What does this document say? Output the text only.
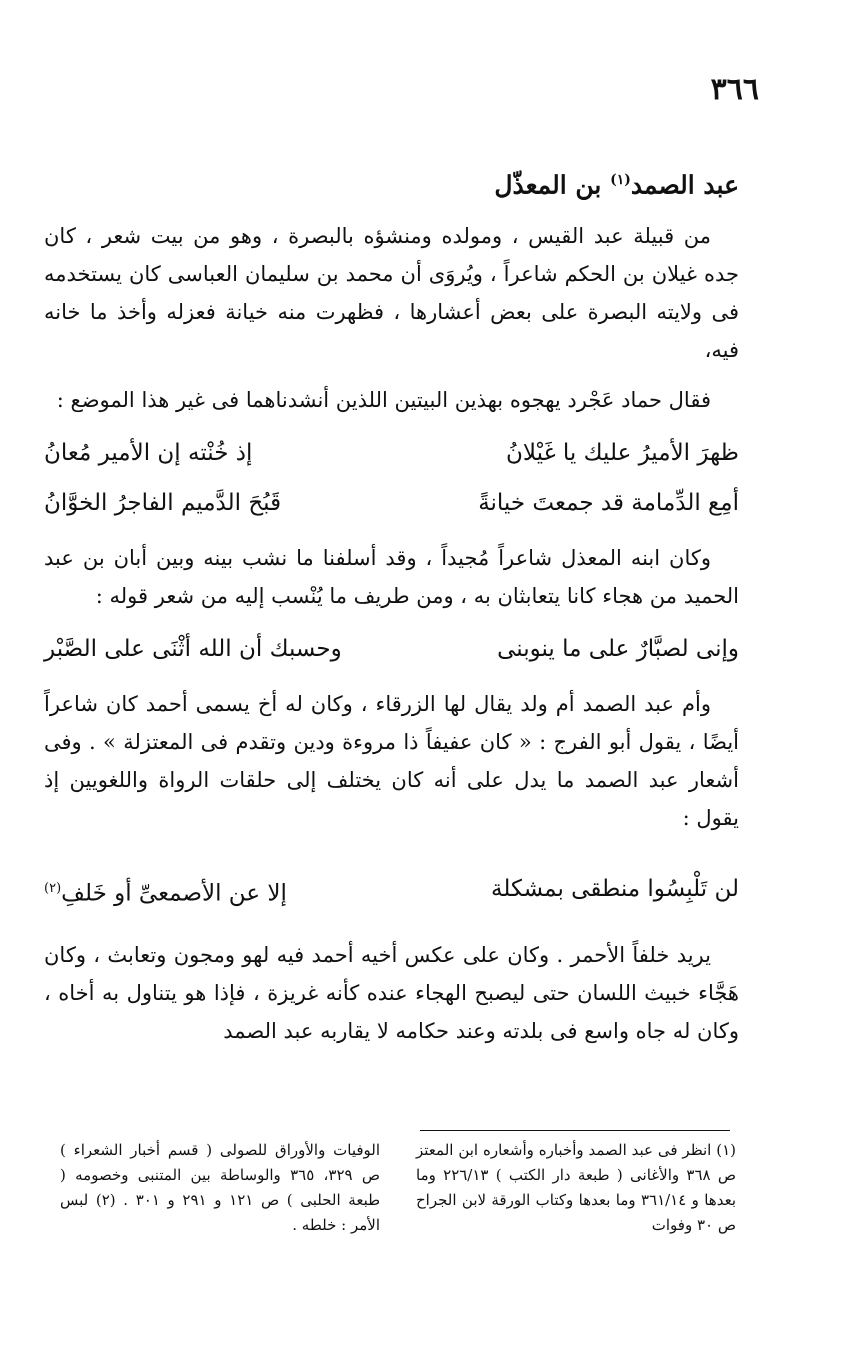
٣٦٦
عبد الصمد$^{(١)}$ بن المعذّل

من قبيلة عبد القيس ، ومولده ومنشؤه بالبصرة ، وهو من بيت شعر ، كان جده غيلان بن الحكم شاعراً ، ويُروَى أن محمد بن سليمان العباسى كان يستخدمه فى ولايته البصرة على بعض أعشارها ، فظهرت منه خيانة فعزله وأخذ ما خانه فيه،

فقال حماد عَجْرد يهجوه بهذين البيتين اللذين أنشدناهما فى غير هذا الموضع :

ظهرَ الأميرُ عليك يا غَيْلانُ
إذ خُنْته إن الأمير مُعانُ
أمِع الدِّمامة قد جمعتَ خيانةً
قَبُحَ الدَّميم الفاجرُ الخوَّانُ

وكان ابنه المعذل شاعراً مُجيداً ، وقد أسلفنا ما نشب بينه وبين أبان بن عبد الحميد من هجاء كانا يتعابثان به ، ومن طريف ما يُنْسب إليه من شعر قوله :

وإنى لصبَّارٌ على ما ينوبنى
وحسبك أن الله أثْنَى على الصَّبْر

وأم عبد الصمد أم ولد يقال لها الزرقاء ، وكان له أخ يسمى أحمد كان شاعراً أيضًا ، يقول أبو الفرج : « كان عفيفاً ذا مروءة ودين وتقدم فى المعتزلة » . وفى أشعار عبد الصمد ما يدل على أنه كان يختلف إلى حلقات الرواة واللغويين إذ يقول :

لن تَلْبِسُوا منطقى بمشكلة
إلا عن الأصمعىِّ أو خَلفِ$^{(٢)}$

يريد خلفاً الأحمر . وكان على عكس أخيه أحمد فيه لهو ومجون وتعابث ، وكان هَجَّاء خبيث اللسان حتى ليصبح الهجاء عنده كأنه غريزة ، فإذا هو يتناول به أخاه ، وكان له جاه واسع فى بلدته وعند حكامه لا يقاربه عبد الصمد

(١) انظر فى عبد الصمد وأخباره وأشعاره ابن المعتز ص ٣٦٨ والأغانى ( طبعة دار الكتب ) ٢٢٦/١٣ وما بعدها و ٣٦١/١٤ وما بعدها وكتاب الورقة لابن الجراح ص ٣٠ وفوات
الوفيات والأوراق للصولى ( قسم أخبار الشعراء ) ص ٣٢٩، ٣٦٥ والوساطة بين المتنبى وخصومه ( طبعة الحلبى ) ص ١٢١ و ٢٩١ و ٣٠١ . (٢) لبس الأمر : خلطه .
